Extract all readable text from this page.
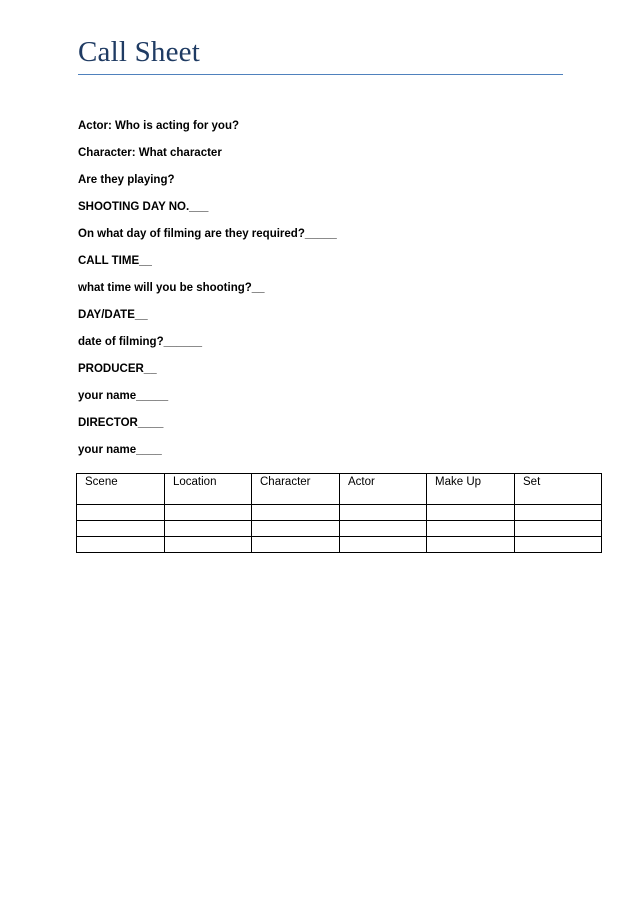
Call Sheet
Actor: Who is acting for you?
Character: What character
Are they playing?
SHOOTING DAY NO.___
On what day of filming are they required?_____
CALL TIME__
what time will you be shooting?__
DAY/DATE__
date of filming?______
PRODUCER__
your name_____
DIRECTOR____
your name____
Scene	Location	Character	Actor	Make Up	Set
